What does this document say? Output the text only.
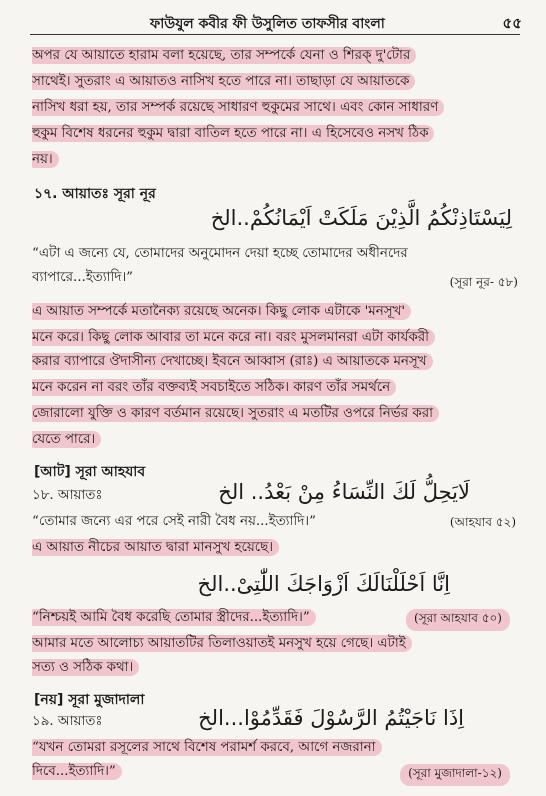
ফাউযুল কবীর ফী উসুলিত তাফসীর বাংলা	৫৫
অপর যে আয়াতে হারাম বলা হয়েছে, তার সম্পর্কে যেনা ও শিরক্ দু'টোর
সাথেই। সুতরাং এ আয়াতও নাসিখ হতে পারে না। তাছাড়া যে আয়াতকে
নাসিখ ধরা হয়, তার সম্পর্ক রয়েছে সাধারণ হুকুমের সাথে। এবং কোন সাধারণ
হুকুম বিশেষ ধরনের হুকুম দ্বারা বাতিল হতে পারে না। এ হিসেবেও নসখ ঠিক
নয়।
১৭. আয়াতঃ সূরা নূর
لِيَسْتَاذِنْكُمُ الَّذِيْنَ مَلَكَتْ اَيْمَانُكُمْ..الخ
“এটা এ জন্যে যে, তোমাদের অনুমোদন দেয়া হচ্ছে তোমাদের অধীনদের
ব্যাপারে...ইত্যাদি।”	(সূরা নূর- ৫৮)
এ আয়াত সম্পর্কে মতানৈক্য রয়েছে অনেক। কিছু লোক এটাকে 'মনসূখ'
মনে করে। কিছু লোক আবার তা মনে করে না। বরং মুসলমানরা এটা কার্যকরী
করার ব্যাপারে ঔদাসীন্য দেখাচ্ছে। ইবনে আব্বাস (রাঃ) এ আয়াতকে মনসূখ
মনে করেন না বরং তাঁর বক্তব্যই সবচাইতে সঠিক। কারণ তাঁর সমর্থনে
জোরালো যুক্তি ও কারণ বর্তমান রয়েছে। সুতরাং এ মতটির ওপরে নির্ভর করা
যেতে পারে।
[আট] সূরা আহযাব
১৮. আয়াতঃ	لَايَحِلُّ لَكَ النِّسَاءُ مِنْ بَعْدُ.. الخ
“তোমার জন্যে এর পরে সেই নারী বৈধ নয়...ইত্যাদি।”	(আহযাব ৫২)
এ আয়াত নীচের আয়াত দ্বারা মানসুখ হয়েছে।
اِنَّا اَحْلَلْنَالَكَ اَزْوَاجَكَ اللّٰتِىْ..الخ
“নিশ্চয়ই আমি বৈধ করেছি তোমার স্ত্রীদের...ইত্যাদি।”	(সূরা আহযাব ৫০)
আমার মতে আলোচ্য আয়াতটির তিলাওয়াতই মনসুখ হয়ে গেছে। এটাই
সত্য ও সঠিক কথা।
[নয়] সূরা মুজাদালা
১৯. আয়াতঃ	اِذَا نَاجَيْتُمُ الرَّسُوْلَ فَقَدِّمُوْا...الخ
“যখন তোমরা রসূলের সাথে বিশেষ পরামর্শ করবে, আগে নজরানা
দিবে...ইত্যাদি।”	(সূরা মুজাদালা-১২)
